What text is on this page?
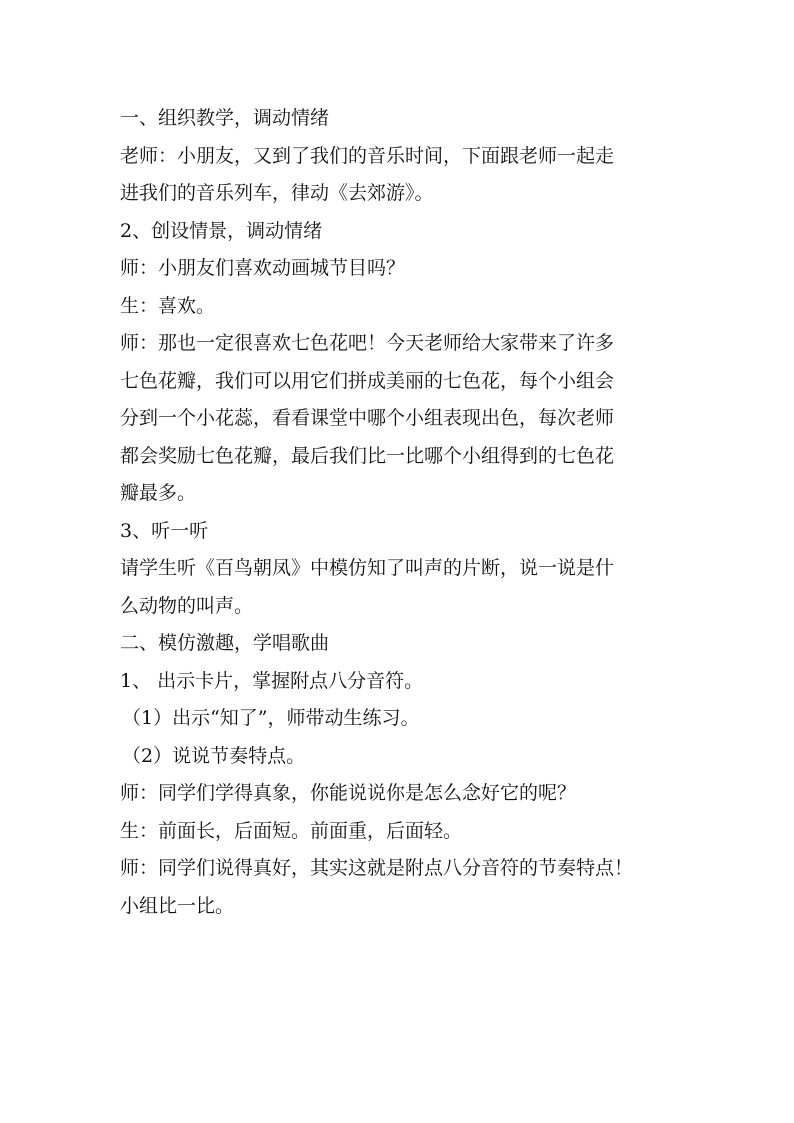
一、组织教学，调动情绪
老师：小朋友，又到了我们的音乐时间，下面跟老师一起走
进我们的音乐列车，律动《去郊游》。
2、创设情景，调动情绪
师：小朋友们喜欢动画城节目吗？
生：喜欢。
师：那也一定很喜欢七色花吧！今天老师给大家带来了许多
七色花瓣，我们可以用它们拼成美丽的七色花，每个小组会
分到一个小花蕊，看看课堂中哪个小组表现出色，每次老师
都会奖励七色花瓣，最后我们比一比哪个小组得到的七色花
瓣最多。
3、听一听
请学生听《百鸟朝凤》中模仿知了叫声的片断，说一说是什
么动物的叫声。
二、模仿激趣，学唱歌曲
1、 出示卡片，掌握附点八分音符。
（1）出示“知了”，师带动生练习。
（2）说说节奏特点。
师：同学们学得真象，你能说说你是怎么念好它的呢？
生：前面长，后面短。前面重，后面轻。
师：同学们说得真好，其实这就是附点八分音符的节奏特点！
小组比一比。
